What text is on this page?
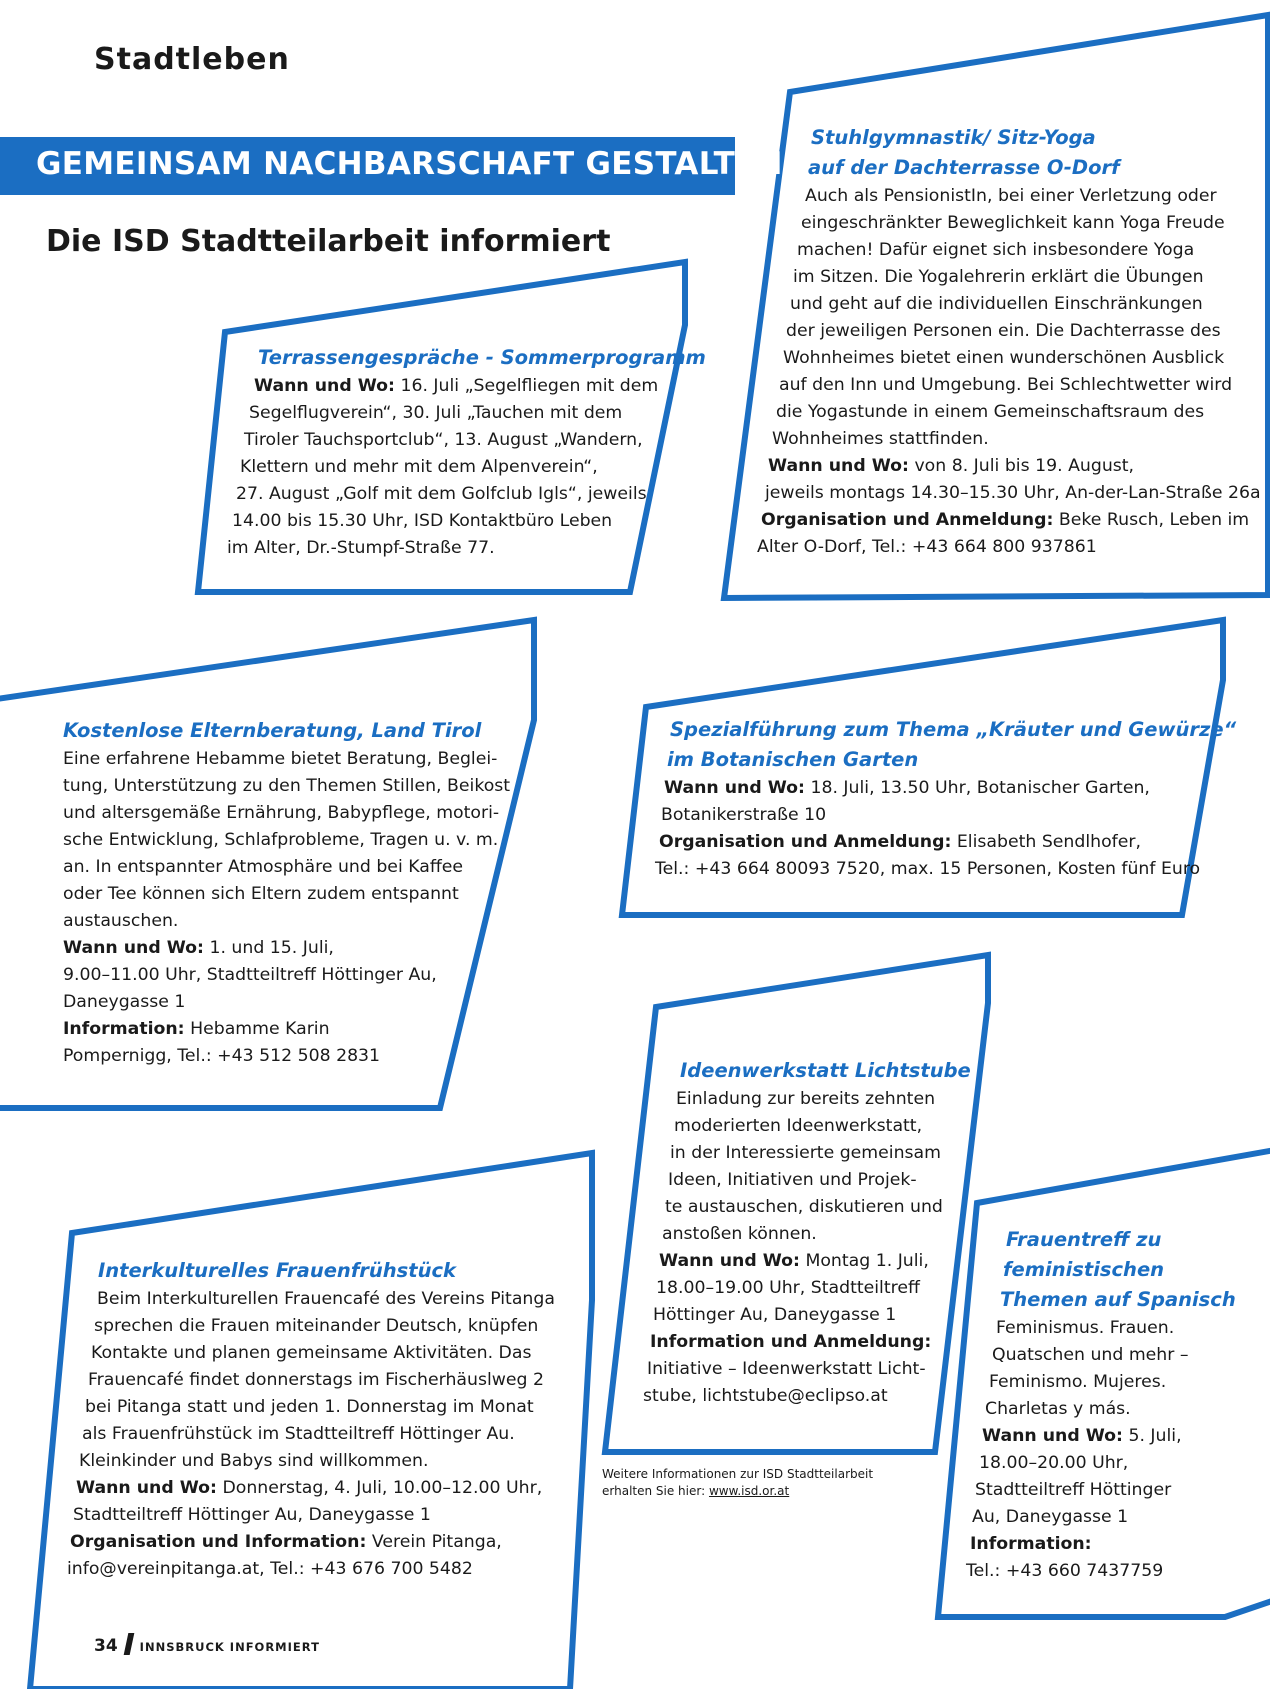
Stadtleben
GEMEINSAM NACHBARSCHAFT GESTALTEN
Die ISD Stadtteilarbeit informiert
Terrassengespräche - Sommerprogramm
Wann und Wo: 16. Juli „Segelfliegen mit dem
Segelflugverein“, 30. Juli „Tauchen mit dem
Tiroler Tauchsportclub“, 13. August „Wandern,
Klettern und mehr mit dem Alpenverein“,
27. August „Golf mit dem Golfclub Igls“, jeweils
14.00 bis 15.30 Uhr, ISD Kontaktbüro Leben
im Alter, Dr.-Stumpf-Straße 77.
Stuhlgymnastik/ Sitz-Yoga
auf der Dachterrasse O-Dorf
Auch als PensionistIn, bei einer Verletzung oder
eingeschränkter Beweglichkeit kann Yoga Freude
machen! Dafür eignet sich insbesondere Yoga
im Sitzen. Die Yogalehrerin erklärt die Übungen
und geht auf die individuellen Einschränkungen
der jeweiligen Personen ein. Die Dachterrasse des
Wohnheimes bietet einen wunderschönen Ausblick
auf den Inn und Umgebung. Bei Schlechtwetter wird
die Yogastunde in einem Gemeinschaftsraum des
Wohnheimes stattfinden.
Wann und Wo: von 8. Juli bis 19. August,
jeweils montags 14.30–15.30 Uhr, An-der-Lan-Straße 26a
Organisation und Anmeldung: Beke Rusch, Leben im
Alter O-Dorf, Tel.: +43 664 800 937861
Kostenlose Elternberatung, Land Tirol
Eine erfahrene Hebamme bietet Beratung, Beglei-
tung, Unterstützung zu den Themen Stillen, Beikost
und altersgemäße Ernährung, Babypflege, motori-
sche Entwicklung, Schlafprobleme, Tragen u. v. m.
an. In entspannter Atmosphäre und bei Kaffee
oder Tee können sich Eltern zudem entspannt
austauschen.
Wann und Wo: 1. und 15. Juli,
9.00–11.00 Uhr, Stadtteiltreff Höttinger Au,
Daneygasse 1
Information: Hebamme Karin
Pompernigg, Tel.: +43 512 508 2831
Spezialführung zum Thema „Kräuter und Gewürze“
im Botanischen Garten
Wann und Wo: 18. Juli, 13.50 Uhr, Botanischer Garten,
Botanikerstraße 10
Organisation und Anmeldung: Elisabeth Sendlhofer,
Tel.: +43 664 80093 7520, max. 15 Personen, Kosten fünf Euro
Ideenwerkstatt Lichtstube
Einladung zur bereits zehnten
moderierten Ideenwerkstatt,
in der Interessierte gemeinsam
Ideen, Initiativen und Projek-
te austauschen, diskutieren und
anstoßen können.
Wann und Wo: Montag 1. Juli,
18.00–19.00 Uhr, Stadtteiltreff
Höttinger Au, Daneygasse 1
Information und Anmeldung:
Initiative – Ideenwerkstatt Licht-
stube, lichtstube@eclipso.at
Interkulturelles Frauenfrühstück
Beim Interkulturellen Frauencafé des Vereins Pitanga
sprechen die Frauen miteinander Deutsch, knüpfen
Kontakte und planen gemeinsame Aktivitäten. Das
Frauencafé findet donnerstags im Fischerhäuslweg 2
bei Pitanga statt und jeden 1. Donnerstag im Monat
als Frauenfrühstück im Stadtteiltreff Höttinger Au.
Kleinkinder und Babys sind willkommen.
Wann und Wo: Donnerstag, 4. Juli, 10.00–12.00 Uhr,
Stadtteiltreff Höttinger Au, Daneygasse 1
Organisation und Information: Verein Pitanga,
info@vereinpitanga.at, Tel.: +43 676 700 5482
Frauentreff zu
feministischen
Themen auf Spanisch
Feminismus. Frauen.
Quatschen und mehr –
Feminismo. Mujeres.
Charletas y más.
Wann und Wo: 5. Juli,
18.00–20.00 Uhr,
Stadtteiltreff Höttinger
Au, Daneygasse 1
Information:
Tel.: +43 660 7437759
Weitere Informationen zur ISD Stadtteilarbeit
erhalten Sie hier: www.isd.or.at
34 INNSBRUCK INFORMIERT
